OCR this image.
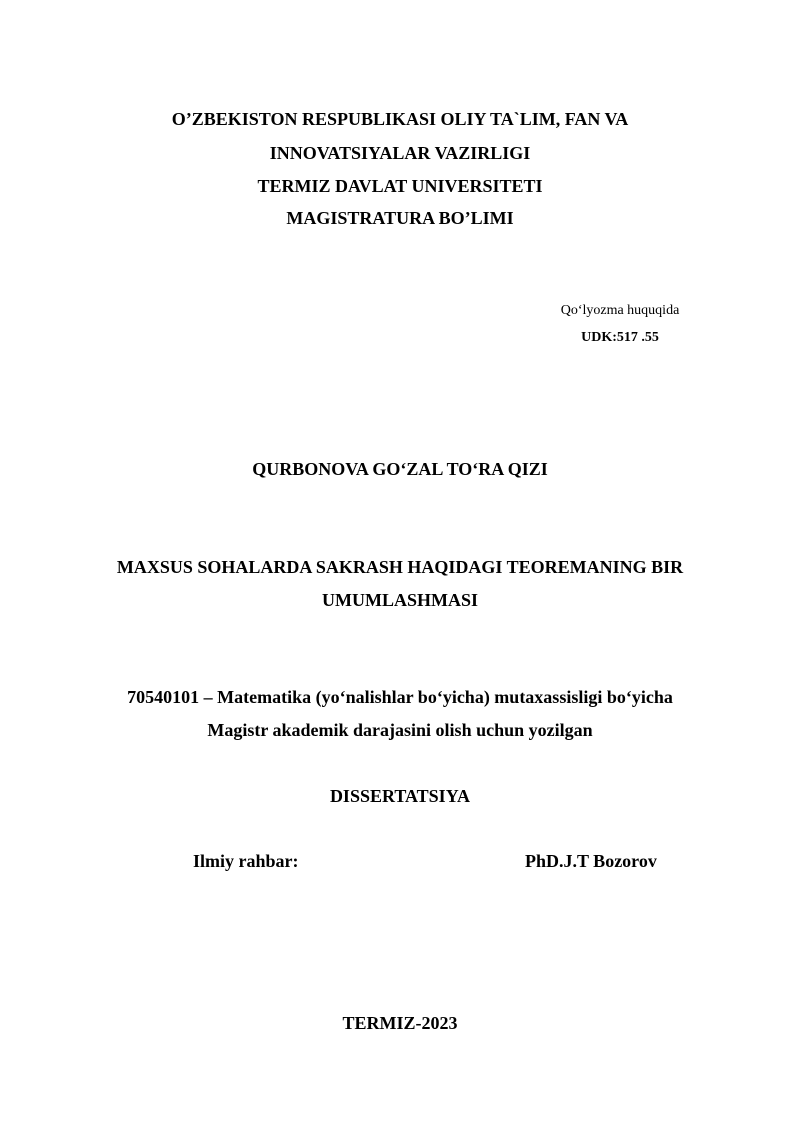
O’ZBEKISTON RESPUBLIKASI OLIY TA`LIM, FAN VA
INNOVATSIYALAR VAZIRLIGI
TERMIZ DAVLAT UNIVERSITETI
MAGISTRATURA BO’LIMI
Qo‘lyozma huquqida
UDK:517 .55
QURBONOVA GO‘ZAL TO‘RA QIZI
MAXSUS SOHALARDA SAKRASH HAQIDAGI TEOREMANING BIR
UMUMLASHMASI
70540101 – Matematika (yo‘nalishlar bo‘yicha) mutaxassisligi bo‘yicha
Magistr akademik darajasini olish uchun yozilgan
DISSERTATSIYA
Ilmiy rahbar:	PhD.J.T Bozorov
TERMIZ-2023
